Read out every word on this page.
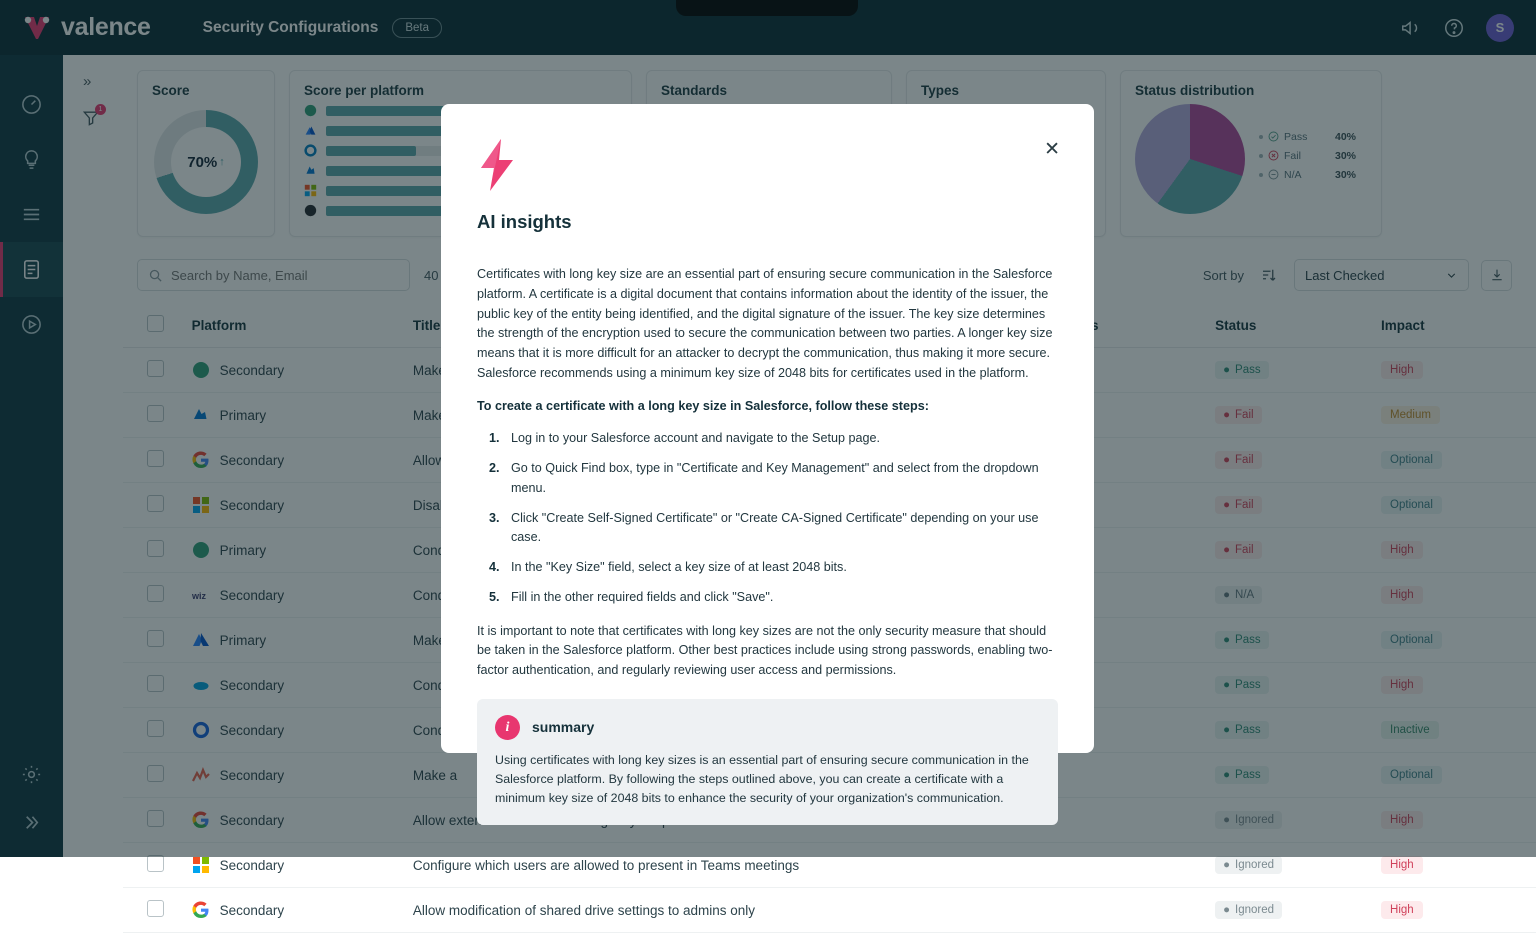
Search by Name, Email

	Secondary	Configure which users are allowed to present in Teams meetings		● Ignored	High

	Secondary	Allow modification of shared drive settings to admins only		● Ignored	High
✕
AI insights

Certificates with long key size are an essential part of ensuring secure communication in the Salesforce platform. A certificate is a digital document that contains information about the identity of the issuer, the public key of the entity being identified, and the digital signature of the issuer. The key size determines the strength of the encryption used to secure the communication between two parties. A longer key size means that it is more difficult for an attacker to decrypt the communication, thus making it more secure. Salesforce recommends using a minimum key size of 2048 bits for certificates used in the platform.

To create a certificate with a long key size in Salesforce, follow these steps:

1. Log in to your Salesforce account and navigate to the Setup page.
2. Go to Quick Find box, type in "Certificate and Key Management" and select from the dropdown menu.
3. Click "Create Self-Signed Certificate" or "Create CA-Signed Certificate" depending on your use case.
4. In the "Key Size" field, select a key size of at least 2048 bits.
5. Fill in the other required fields and click "Save".

It is important to note that certificates with long key sizes are not the only security measure that should be taken in the Salesforce platform. Other best practices include using strong passwords, enabling two-factor authentication, and regularly reviewing user access and permissions.

i	summary
Using certificates with long key sizes is an essential part of ensuring secure communication in the Salesforce platform. By following the steps outlined above, you can create a certificate with a minimum key size of 2048 bits to enhance the security of your organization's communication.
